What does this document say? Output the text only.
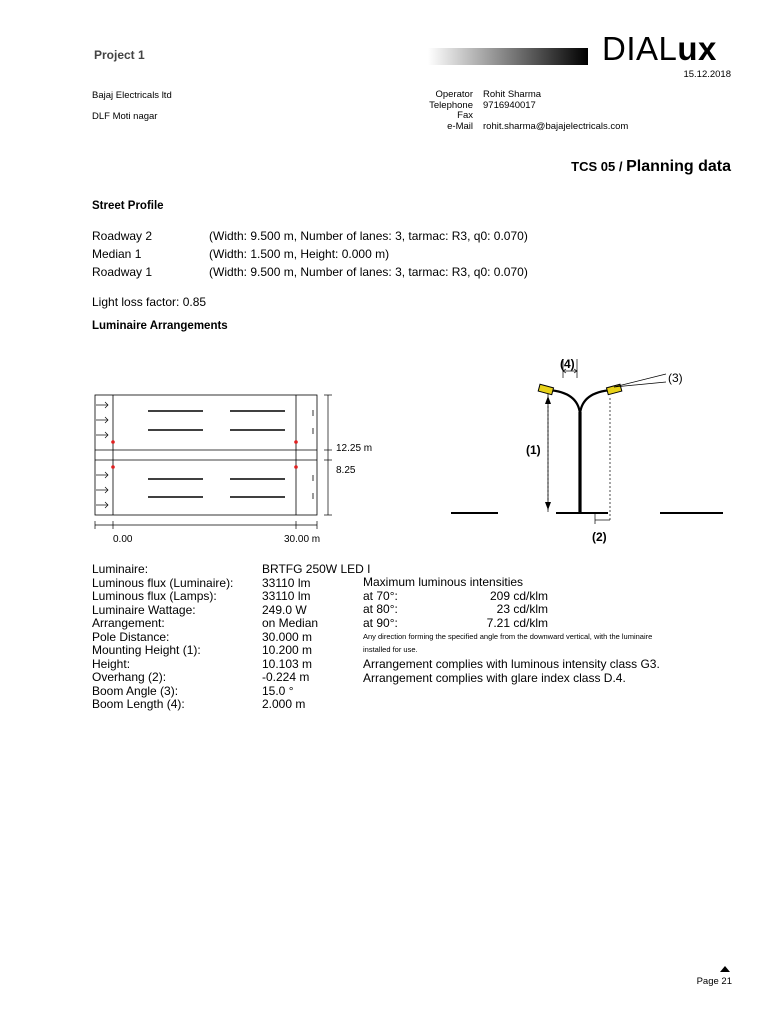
Project 1	DIALux
15.12.2018
Bajaj Electricals ltd
DLF Moti nagar
Operator
Telephone
Fax
e-Mail
Rohit Sharma
9716940017
rohit.sharma@bajajelectricals.com
TCS 05 / Planning data
Street Profile
Roadway 2
Median 1
Roadway 1
(Width: 9.500 m, Number of lanes: 3, tarmac: R3, q0: 0.070)
(Width: 1.500 m, Height: 0.000 m)
(Width: 9.500 m, Number of lanes: 3, tarmac: R3, q0: 0.070)
Light loss factor: 0.85
Luminaire Arrangements
12.25 m
8.25
0.00	30.00 m
(1)
(4)
(3)
(2)
Luminaire:
Luminous flux (Luminaire):
Luminous flux (Lamps):
Luminaire Wattage:
Arrangement:
Pole Distance:
Mounting Height (1):
Height:
Overhang (2):
Boom Angle (3):
Boom Length (4):
BRTFG 250W LED I
33110 lm
33110 lm
249.0 W
on Median
30.000 m
10.200 m
10.103 m
-0.224 m
15.0 °
2.000 m
Maximum luminous intensities
at 70°:
at 80°:
at 90°:
209 cd/klm
23 cd/klm
7.21 cd/klm
Any direction forming the specified angle from the downward vertical, with the luminaire
installed for use.
Arrangement complies with luminous intensity class G3.
Arrangement complies with glare index class D.4.
Page 21
